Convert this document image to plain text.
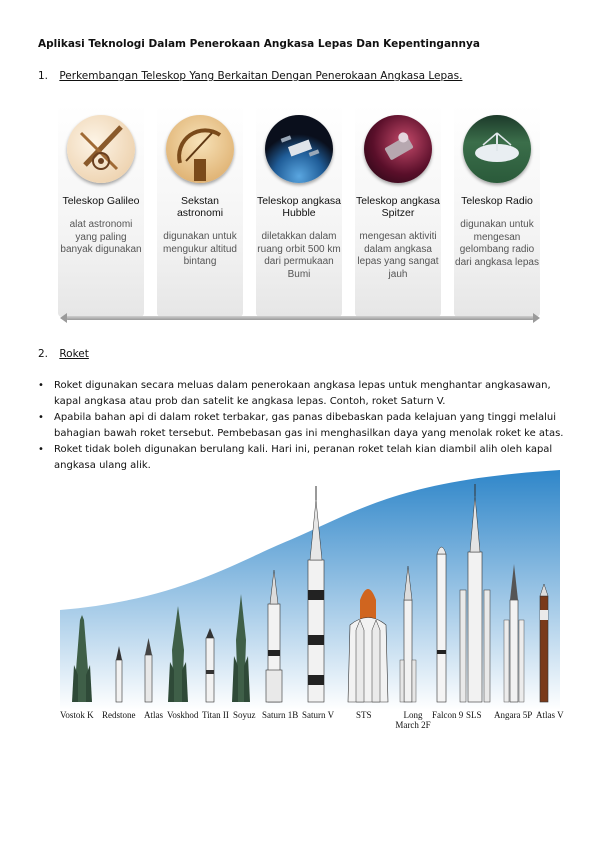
Aplikasi Teknologi Dalam Penerokaan Angkasa Lepas Dan Kepentingannya
1. Perkembangan Teleskop Yang Berkaitan Dengan Penerokaan Angkasa Lepas.
Teleskop Galileo
alat astronomi yang paling banyak digunakan
Sekstan astronomi
digunakan untuk mengukur altitud bintang
Teleskop angkasa Hubble
diletakkan dalam ruang orbit 500 km dari permukaan Bumi
Teleskop angkasa Spitzer
mengesan aktiviti dalam angkasa lepas yang sangat jauh
Teleskop Radio
digunakan untuk mengesan gelombang radio dari angkasa lepas
2. Roket
• Roket digunakan secara meluas dalam penerokaan angkasa lepas untuk menghantar angkasawan, kapal angkasa atau prob dan satelit ke angkasa lepas. Contoh, roket Saturn V.
• Apabila bahan api di dalam roket terbakar, gas panas dibebaskan pada kelajuan yang tinggi melalui bahagian bawah roket tersebut. Pembebasan gas ini menghasilkan daya yang menolak roket ke atas.
• Roket tidak boleh digunakan berulang kali. Hari ini, peranan roket telah kian diambil alih oleh kapal angkasa ulang alik.
Vostok K Redstone Atlas Voskhod Titan II Soyuz Saturn 1B Saturn V STS	Long March 2F
Falcon 9 SLS Angara 5P Atlas V
